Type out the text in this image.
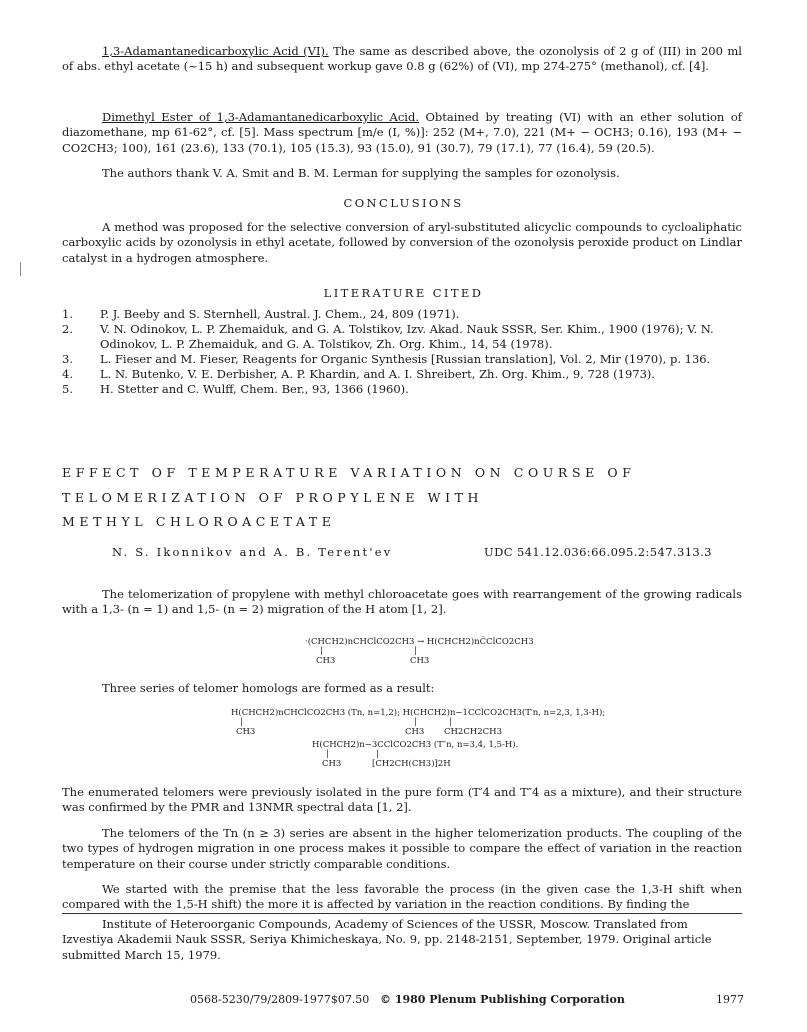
1,3-Adamantanedicarboxylic Acid (VI). The same as described above, the ozonolysis of 2 g of (III) in 200 ml of abs. ethyl acetate (~15 h) and subsequent workup gave 0.8 g (62%) of (VI), mp 274-275° (methanol), cf. [4].
Dimethyl Ester of 1,3-Adamantanedicarboxylic Acid. Obtained by treating (VI) with an ether solution of diazomethane, mp 61-62°, cf. [5]. Mass spectrum [m/e (I, %)]: 252 (M+, 7.0), 221 (M+ − OCH3; 0.16), 193 (M+ − CO2CH3; 100), 161 (23.6), 133 (70.1), 105 (15.3), 93 (15.0), 91 (30.7), 79 (17.1), 77 (16.4), 59 (20.5).
The authors thank V. A. Smit and B. M. Lerman for supplying the samples for ozonolysis.
CONCLUSIONS
A method was proposed for the selective conversion of aryl-substituted alicyclic compounds to cycloaliphatic carboxylic acids by ozonolysis in ethyl acetate, followed by conversion of the ozonolysis peroxide product on Lindlar catalyst in a hydrogen atmosphere.
LITERATURE CITED
1.	P. J. Beeby and S. Sternhell, Austral. J. Chem., 24, 809 (1971).
2.	V. N. Odinokov, L. P. Zhemaiduk, and G. A. Tolstikov, Izv. Akad. Nauk SSSR, Ser. Khim., 1900 (1976); V. N. Odinokov, L. P. Zhemaiduk, and G. A. Tolstikov, Zh. Org. Khim., 14, 54 (1978).
3.	L. Fieser and M. Fieser, Reagents for Organic Synthesis [Russian translation], Vol. 2, Mir (1970), p. 136.
4.	L. N. Butenko, V. E. Derbisher, A. P. Khardin, and A. I. Shreibert, Zh. Org. Khim., 9, 728 (1973).
5.	H. Stetter and C. Wulff, Chem. Ber., 93, 1366 (1960).
EFFECT OF TEMPERATURE VARIATION ON COURSE OF
TELOMERIZATION OF PROPYLENE WITH
METHYL CHLOROACETATE
N. S. Ikonnikov and A. B. Terent'ev	UDC 541.12.036:66.095.2:547.313.3
The telomerization of propylene with methyl chloroacetate goes with rearrangement of the growing radicals with a 1,3- (n = 1) and 1,5- (n = 2) migration of the H atom [1, 2].
·(CHCH2)nCHClCO2CH3 → H(CHCH2)nĊClCO2CH3
|	|
CH3	CH3
Three series of telomer homologs are formed as a result:
H(CHCH2)nCHClCO2CH3 (Tn, n=1,2); H(CHCH2)n−1CClCO2CH3(T′n, n=2,3, 1,3-H);
|	|	|
CH3	CH3 CH2CH2CH3
H(CHCH2)n−3CClCO2CH3 (T″n, n=3,4, 1,5-H).
|	|
CH3	[CH2CH(CH3)]2H
The enumerated telomers were previously isolated in the pure form (T′4 and T″4 as a mixture), and their structure was confirmed by the PMR and 13NMR spectral data [1, 2].
The telomers of the Tn (n ≥ 3) series are absent in the higher telomerization products. The coupling of the two types of hydrogen migration in one process makes it possible to compare the effect of variation in the reaction temperature on their course under strictly comparable conditions.
We started with the premise that the less favorable the process (in the given case the 1,3-H shift when compared with the 1,5-H shift) the more it is affected by variation in the reaction conditions. By finding the
Institute of Heteroorganic Compounds, Academy of Sciences of the USSR, Moscow. Translated from Izvestiya Akademii Nauk SSSR, Seriya Khimicheskaya, No. 9, pp. 2148-2151, September, 1979. Original article submitted March 15, 1979.
0568-5230/79/2809-1977$07.50 © 1980 Plenum Publishing Corporation	1977
